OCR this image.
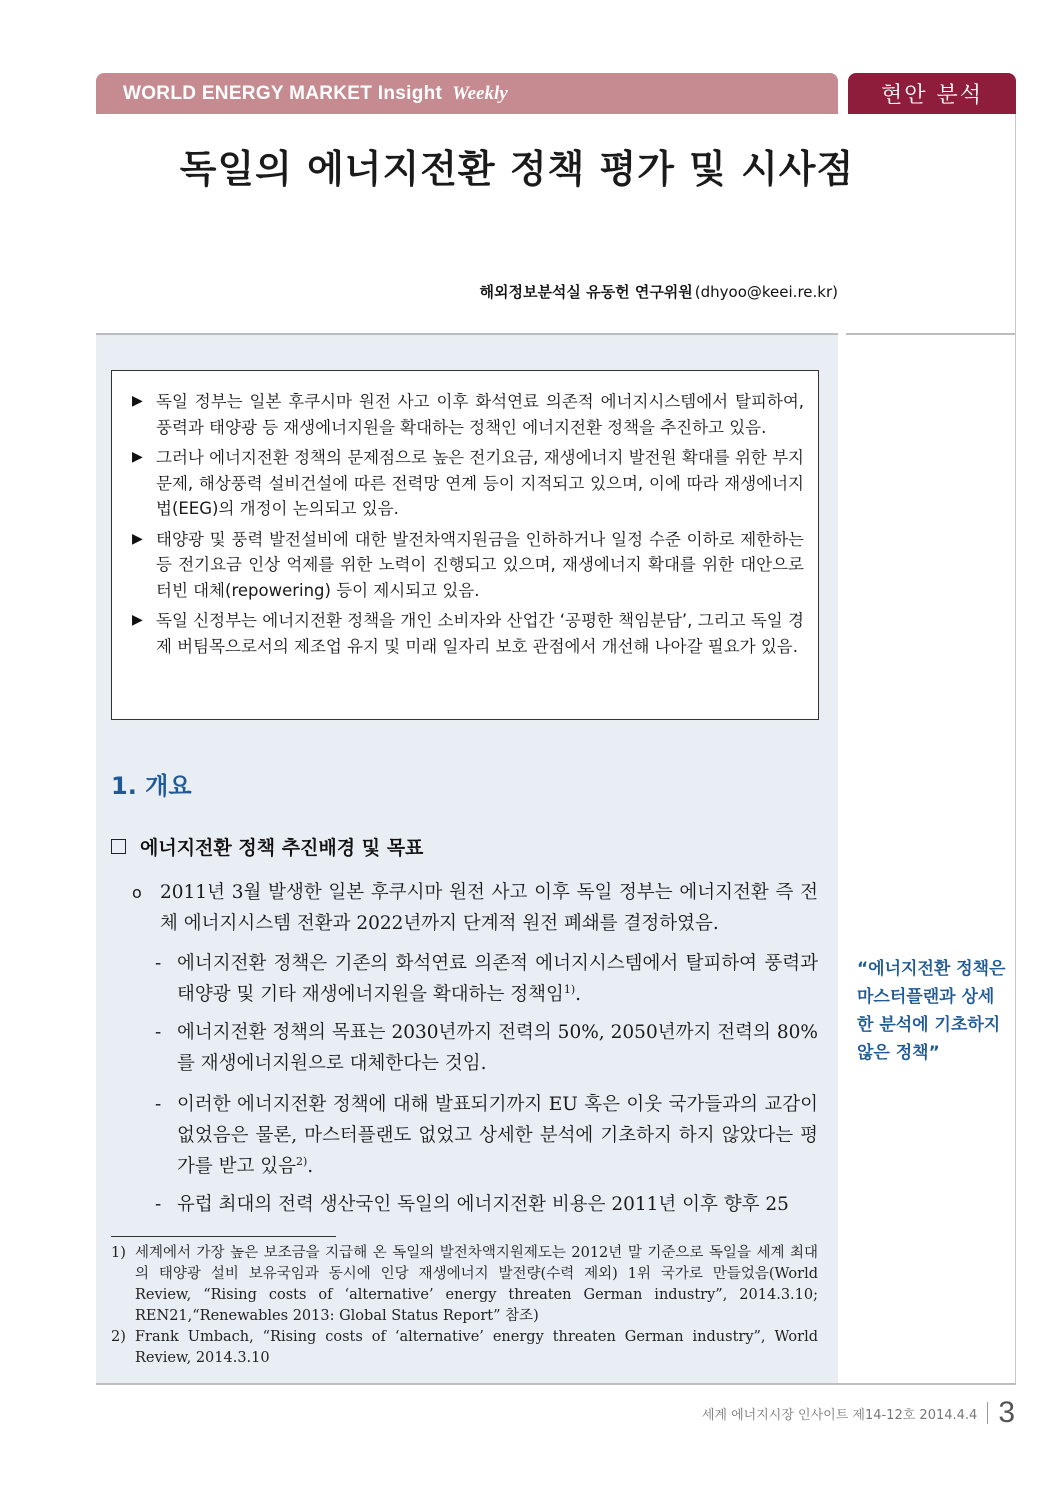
WORLD ENERGY MARKET Insight Weekly	현안 분석
독일의 에너지전환 정책 평가 및 시사점
해외정보분석실 유동헌 연구위원 (dhyoo@keei.re.kr)
▶ 독일 정부는 일본 후쿠시마 원전 사고 이후 화석연료 의존적 에너지시스템에서 탈피하여, 풍력과 태양광 등 재생에너지원을 확대하는 정책인 에너지전환 정책을 추진하고 있음.
▶ 그러나 에너지전환 정책의 문제점으로 높은 전기요금, 재생에너지 발전원 확대를 위한 부지 문제, 해상풍력 설비건설에 따른 전력망 연계 등이 지적되고 있으며, 이에 따라 재생에너지법(EEG)의 개정이 논의되고 있음.
▶ 태양광 및 풍력 발전설비에 대한 발전차액지원금을 인하하거나 일정 수준 이하로 제한하는 등 전기요금 인상 억제를 위한 노력이 진행되고 있으며, 재생에너지 확대를 위한 대안으로 터빈 대체(repowering) 등이 제시되고 있음.
▶ 독일 신정부는 에너지전환 정책을 개인 소비자와 산업간 ‘공평한 책임분담’, 그리고 독일 경제 버팀목으로서의 제조업 유지 및 미래 일자리 보호 관점에서 개선해 나아갈 필요가 있음.
1. 개요
에너지전환 정책 추진배경 및 목표
o 2011년 3월 발생한 일본 후쿠시마 원전 사고 이후 독일 정부는 에너지전환 즉 전체 에너지시스템 전환과 2022년까지 단계적 원전 폐쇄를 결정하였음.
- 에너지전환 정책은 기존의 화석연료 의존적 에너지시스템에서 탈피하여 풍력과 태양광 및 기타 재생에너지원을 확대하는 정책임$^{1)}$.
- 에너지전환 정책의 목표는 2030년까지 전력의 50%, 2050년까지 전력의 80%를 재생에너지원으로 대체한다는 것임.
- 이러한 에너지전환 정책에 대해 발표되기까지 EU 혹은 이웃 국가들과의 교감이 없었음은 물론, 마스터플랜도 없었고 상세한 분석에 기초하지 하지 않았다는 평가를 받고 있음$^{2)}$.
- 유럽 최대의 전력 생산국인 독일의 에너지전환 비용은 2011년 이후 향후 25
1) 세계에서 가장 높은 보조금을 지급해 온 독일의 발전차액지원제도는 2012년 말 기준으로 독일을 세계 최대의 태양광 설비 보유국임과 동시에 인당 재생에너지 발전량(수력 제외) 1위 국가로 만들었음(World Review, “Rising costs of ‘alternative’ energy threaten German industry”, 2014.3.10; REN21,“Renewables 2013: Global Status Report” 참조)
2) Frank Umbach, “Rising costs of ‘alternative’ energy threaten German industry”, World Review, 2014.3.10
“에너지전환 정책은 마스터플랜과 상세한 분석에 기초하지 않은 정책”
세계 에너지시장 인사이트 제14-12호 2014.4.4 3
